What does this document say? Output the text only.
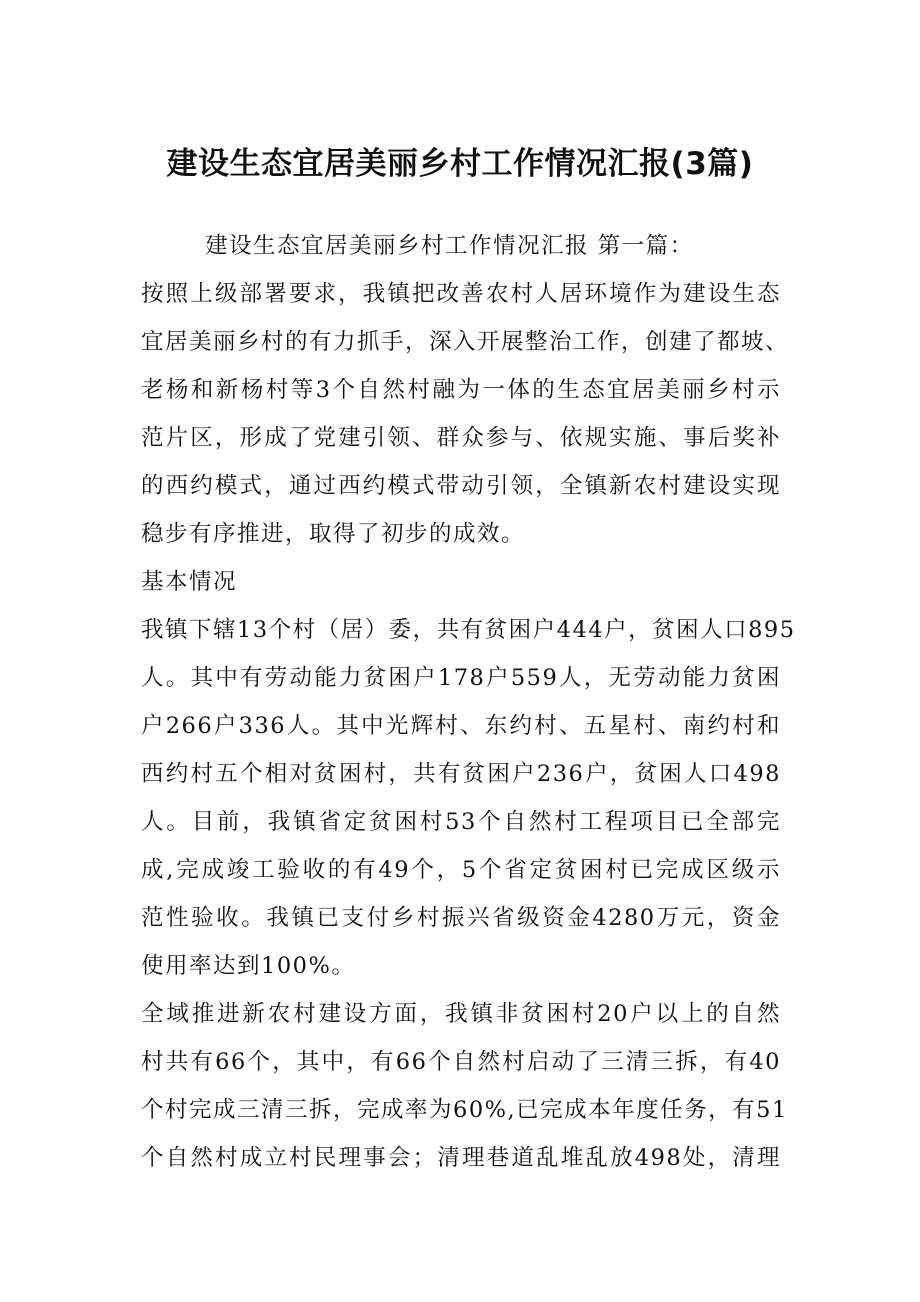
建设生态宜居美丽乡村工作情况汇报(3篇)
建设生态宜居美丽乡村工作情况汇报 第一篇：
按照上级部署要求，我镇把改善农村人居环境作为建设生态
宜居美丽乡村的有力抓手，深入开展整治工作，创建了都坡、
老杨和新杨村等3个自然村融为一体的生态宜居美丽乡村示
范片区，形成了党建引领、群众参与、依规实施、事后奖补
的西约模式，通过西约模式带动引领，全镇新农村建设实现
稳步有序推进，取得了初步的成效。
基本情况
我镇下辖13个村（居）委，共有贫困户444户，贫困人口895
人。其中有劳动能力贫困户178户559人，无劳动能力贫困
户266户336人。其中光辉村、东约村、五星村、南约村和
西约村五个相对贫困村，共有贫困户236户，贫困人口498
人。目前，我镇省定贫困村53个自然村工程项目已全部完
成,完成竣工验收的有49个，5个省定贫困村已完成区级示
范性验收。我镇已支付乡村振兴省级资金4280万元，资金
使用率达到100%。
全域推进新农村建设方面，我镇非贫困村20户以上的自然
村共有66个，其中，有66个自然村启动了三清三拆，有40
个村完成三清三拆，完成率为60%,已完成本年度任务，有51
个自然村成立村民理事会；清理巷道乱堆乱放498处，清理
